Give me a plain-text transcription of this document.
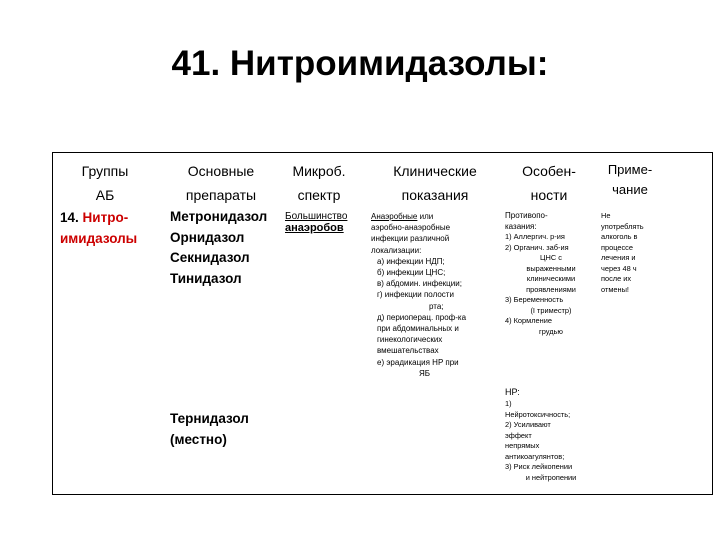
41. Нитроимидазолы:
Группы
АБ
Основные
препараты
Микроб.
спектр
Клинические
показания
Особен-
ности
Приме-
чание
14. Нитро-
имидазолы
Метронидазол
Орнидазол
Секнидазол
Тинидазол
Тернидазол
(местно)
Большинство
анаэробов
Анаэробные или
аэробно-анаэробные
инфекции различной
локализации:
а) инфекции НДП;
б) инфекции ЦНС;
в) абдомин. инфекции;
г) инфекции полости
рта;
д) периоперац. проф-ка
при абдоминальных и
гинекологических
вмешательствах
е) эрадикация HP при
ЯБ
Противопо-
казания:
1) Аллергич. р-ия
2) Органич. заб-ия
ЦНС с
выраженными
клиническими
проявлениями
3) Беременность
(I триместр)
4) Кормление
грудью
НР:
1)
Нейротоксичность;
2) Усиливают
эффект
непрямых
антикоагулянтов;
3) Риск лейкопении
и нейтропении
Не
употреблять
алкоголь в
процессе
лечения и
через 48 ч
после их
отмены!
